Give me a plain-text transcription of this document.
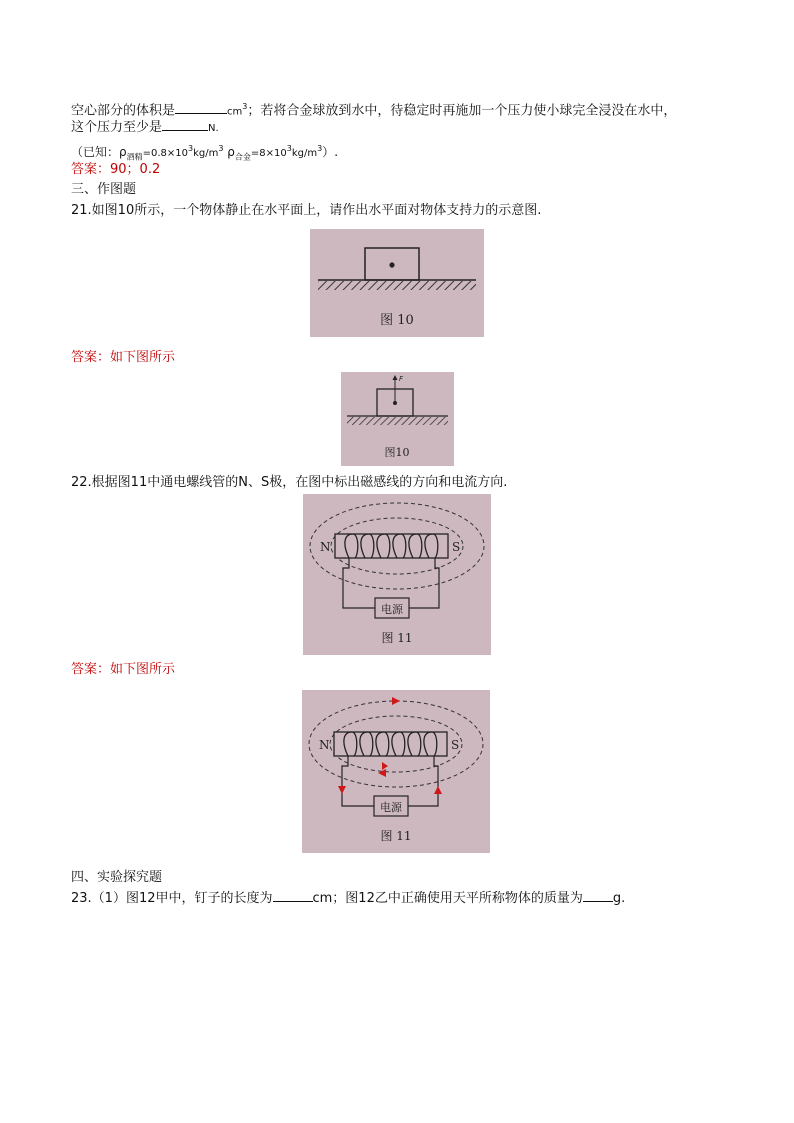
空心部分的体积是	$cm^3$；若将合金球放到水中，待稳定时再施加一个压力使小球完全浸没在水中，
这个压力至少是	N.
（已知：$\rho_{酒精}=0.8\times 10^3kg/m^3$ $\rho_{合金}=8\times 10^3kg/m^3$）.
答案：90；0.2
三、作图题
21.如图10所示，一个物体静止在水平面上，请作出水平面对物体支持力的示意图.
图 10
答案：如下图所示
F
图10
22.根据图11中通电螺线管的N、S极，在图中标出磁感线的方向和电流方向.
电源
N	S
图 11
答案：如下图所示
电源
N	S
图 11
四、实验探究题
23.（1）图12甲中，钉子的长度为	cm；图12乙中正确使用天平所称物体的质量为 g.
